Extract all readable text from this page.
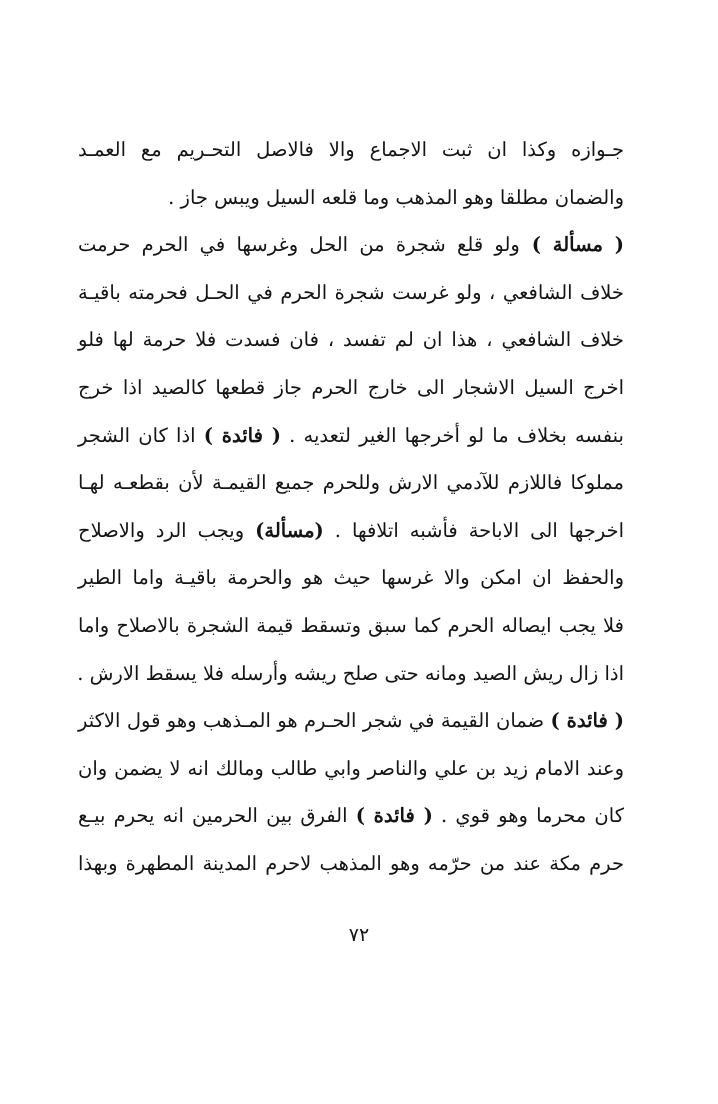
جـوازه وكذا ان ثبت الاجماع والا فالاصل التحـريم مع العمـد
والضمان مطلقا وهو المذهب وما قلعه السيل ويبس جاز .
( مسألة ) ولو قلع شجرة من الحل وغرسها في الحرم حرمت
خلاف الشافعي ، ولو غرست شجرة الحرم في الحـل فحرمته باقيـة
خلاف الشافعي ، هذا ان لم تفسد ، فان فسدت فلا حرمة لها فلو
اخرج السيل الاشجار الى خارج الحرم جاز قطعها كالصيد اذا خرج
بنفسه بخلاف ما لو أخرجها الغير لتعديه . ( فائدة ) اذا كان الشجر
مملوكا فاللازم للآدمي الارش وللحرم جميع القيمـة لأن بقطعـه لهـا
اخرجها الى الاباحة فأشبه اتلافها . (مسألة) ويجب الرد والاصلاح
والحفظ ان امكن والا غرسها حيث هو والحرمة باقيـة واما الطير
فلا يجب ايصاله الحرم كما سبق وتسقط قيمة الشجرة بالاصلاح واما
اذا زال ريش الصيد ومانه حتى صلح ريشه وأرسله فلا يسقط الارش .
( فائدة ) ضمان القيمة في شجر الحـرم هو المـذهب وهو قول الاكثر
وعند الامام زيد بن علي والناصر وابي طالب ومالك انه لا يضمن وان
كان محرما وهو قوي . ( فائدة ) الفرق بين الحرمين انه يحرم بيـع
حرم مكة عند من حرّمه وهو المذهب لاحرم المدينة المطهرة وبهذا
٧٢
